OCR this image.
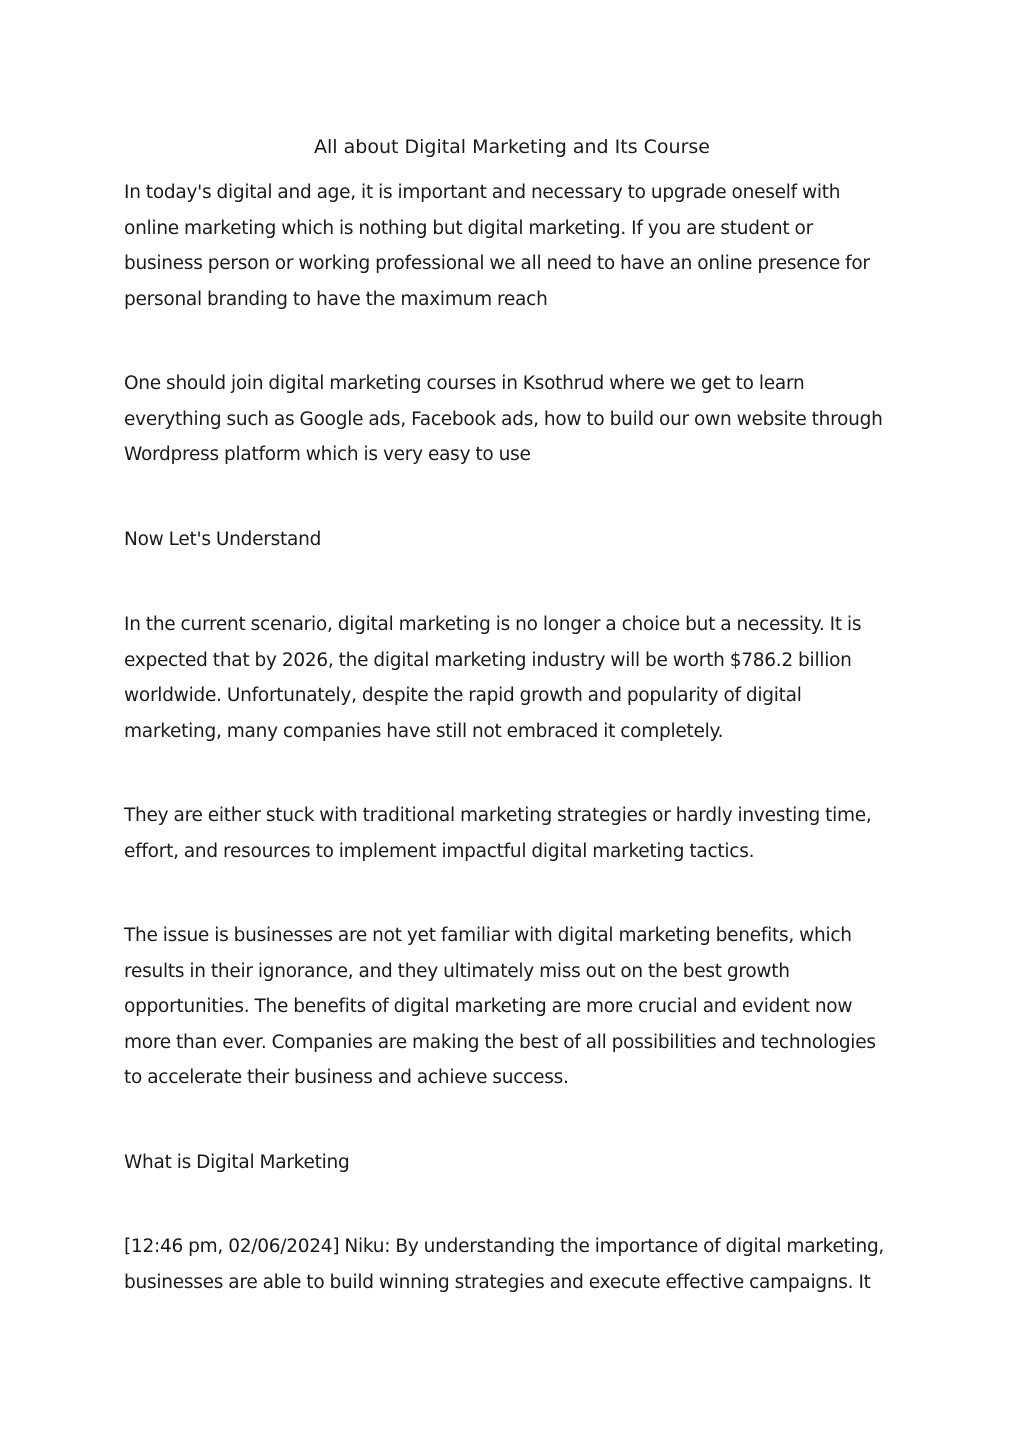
All about Digital Marketing and Its Course

In today's digital and age, it is important and necessary to upgrade oneself with
online marketing which is nothing but digital marketing. If you are student or
business person or working professional we all need to have an online presence for
personal branding to have the maximum reach

One should join digital marketing courses in Ksothrud where we get to learn
everything such as Google ads, Facebook ads, how to build our own website through
Wordpress platform which is very easy to use

Now Let's Understand

In the current scenario, digital marketing is no longer a choice but a necessity. It is
expected that by 2026, the digital marketing industry will be worth $786.2 billion
worldwide. Unfortunately, despite the rapid growth and popularity of digital
marketing, many companies have still not embraced it completely.

They are either stuck with traditional marketing strategies or hardly investing time,
effort, and resources to implement impactful digital marketing tactics.

The issue is businesses are not yet familiar with digital marketing benefits, which
results in their ignorance, and they ultimately miss out on the best growth
opportunities. The benefits of digital marketing are more crucial and evident now
more than ever. Companies are making the best of all possibilities and technologies
to accelerate their business and achieve success.

What is Digital Marketing

[12:46 pm, 02/06/2024] Niku: By understanding the importance of digital marketing,
businesses are able to build winning strategies and execute effective campaigns. It
